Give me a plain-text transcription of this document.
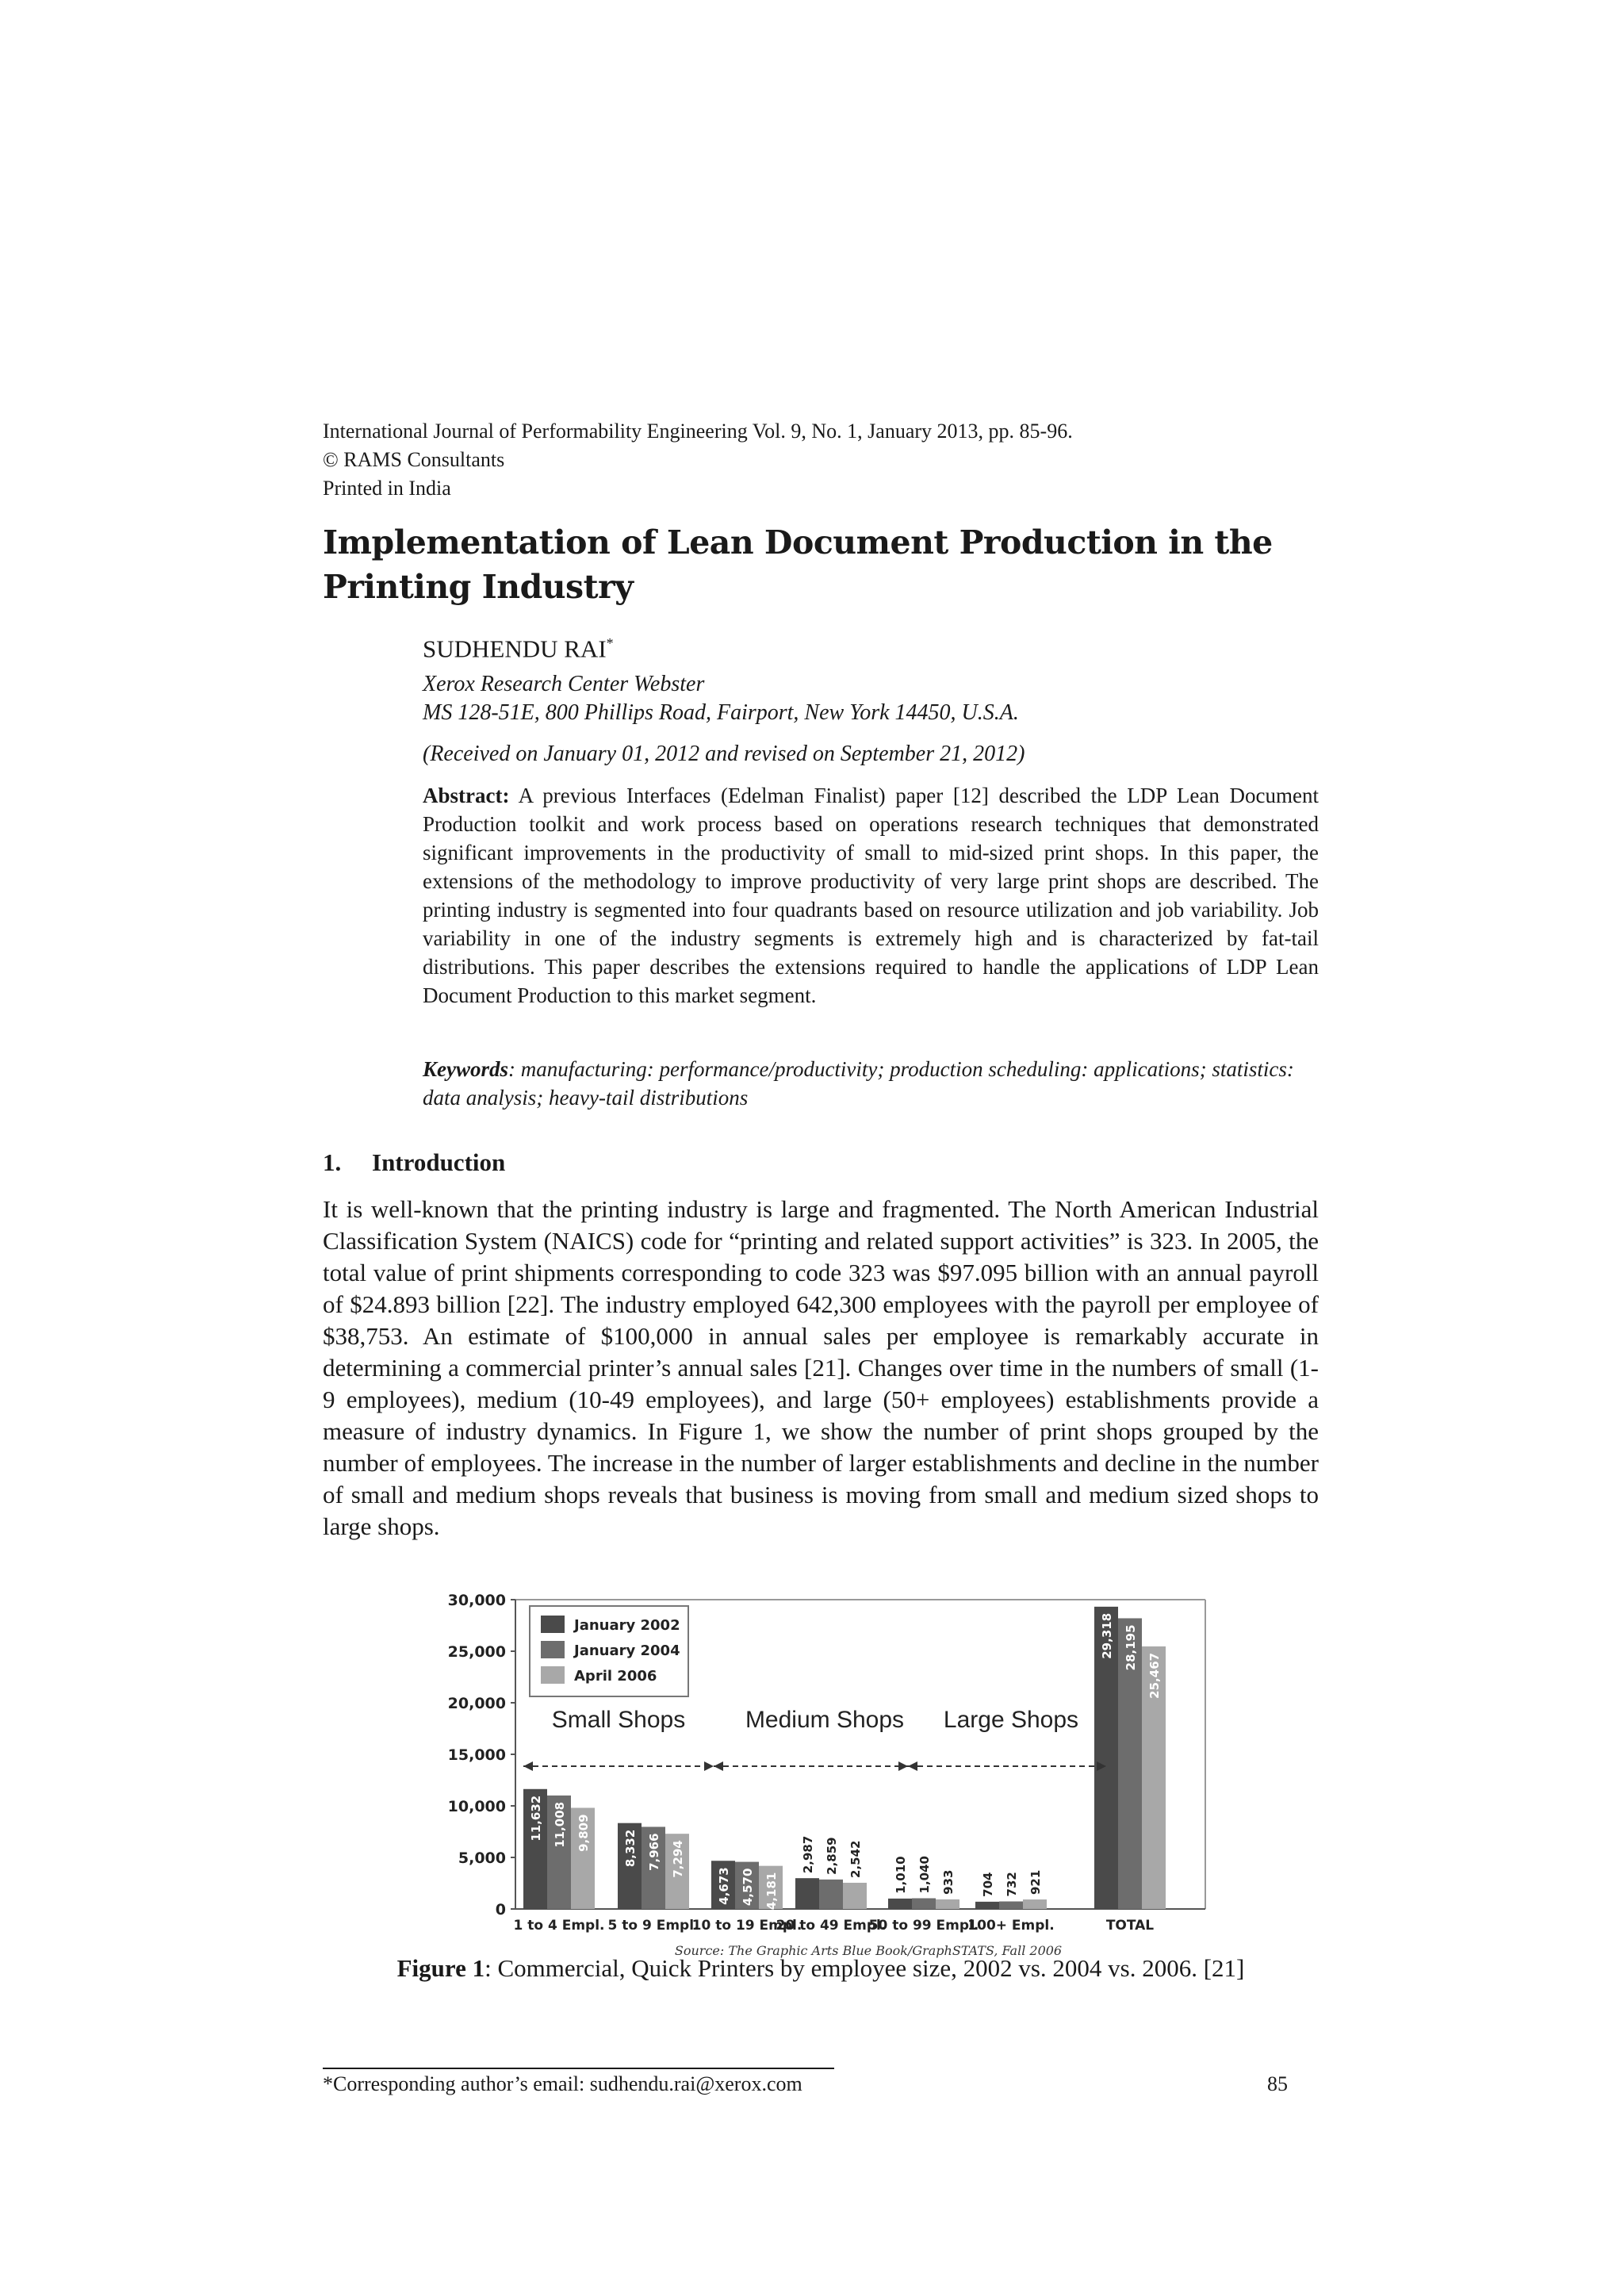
International Journal of Performability Engineering Vol. 9, No. 1, January 2013, pp. 85-96.
© RAMS Consultants
Printed in India
Implementation of Lean Document Production in the Printing Industry
SUDHENDU RAI*
Xerox Research Center Webster
MS 128-51E, 800 Phillips Road, Fairport, New York 14450, U.S.A.
(Received on January 01, 2012 and revised on September 21, 2012)
Abstract: A previous Interfaces (Edelman Finalist) paper [12] described the LDP Lean Document Production toolkit and work process based on operations research techniques that demonstrated significant improvements in the productivity of small to mid-sized print shops. In this paper, the extensions of the methodology to improve productivity of very large print shops are described. The printing industry is segmented into four quadrants based on resource utilization and job variability. Job variability in one of the industry segments is extremely high and is characterized by fat-tail distributions. This paper describes the extensions required to handle the applications of LDP Lean Document Production to this market segment.
Keywords: manufacturing: performance/productivity; production scheduling: applications; statistics: data analysis; heavy-tail distributions
1. Introduction
It is well-known that the printing industry is large and fragmented. The North American Industrial Classification System (NAICS) code for “printing and related support activities” is 323. In 2005, the total value of print shipments corresponding to code 323 was $97.095 billion with an annual payroll of $24.893 billion [22]. The industry employed 642,300 employees with the payroll per employee of $38,753. An estimate of $100,000 in annual sales per employee is remarkably accurate in determining a commercial printer’s annual sales [21]. Changes over time in the numbers of small (1-9 employees), medium (10-49 employees), and large (50+ employees) establishments provide a measure of industry dynamics. In Figure 1, we show the number of print shops grouped by the number of employees. The increase in the number of larger establishments and decline in the number of small and medium shops reveals that business is moving from small and medium sized shops to large shops.
0
5,000
10,000
15,000
20,000
25,000
30,000
11,632 11,008 9,809
1 to 4 Empl.
8,332 7,966 7,294
5 to 9 Empl.
4,673 4,570 4,181
10 to 19 Empl.
2,987 2,859 2,542
20 to 49 Empl.
1,010 1,040 933
50 to 99 Empl.
704 732 921
100+ Empl.
29,318 28,195
25,467
TOTAL
January 2002
January 2004
April 2006
Small Shops	Medium Shops Large Shops
Source: The Graphic Arts Blue Book/GraphSTATS, Fall 2006
Figure 1: Commercial, Quick Printers by employee size, 2002 vs. 2004 vs. 2006. [21]
*Corresponding author’s email: sudhendu.rai@xerox.com	85
